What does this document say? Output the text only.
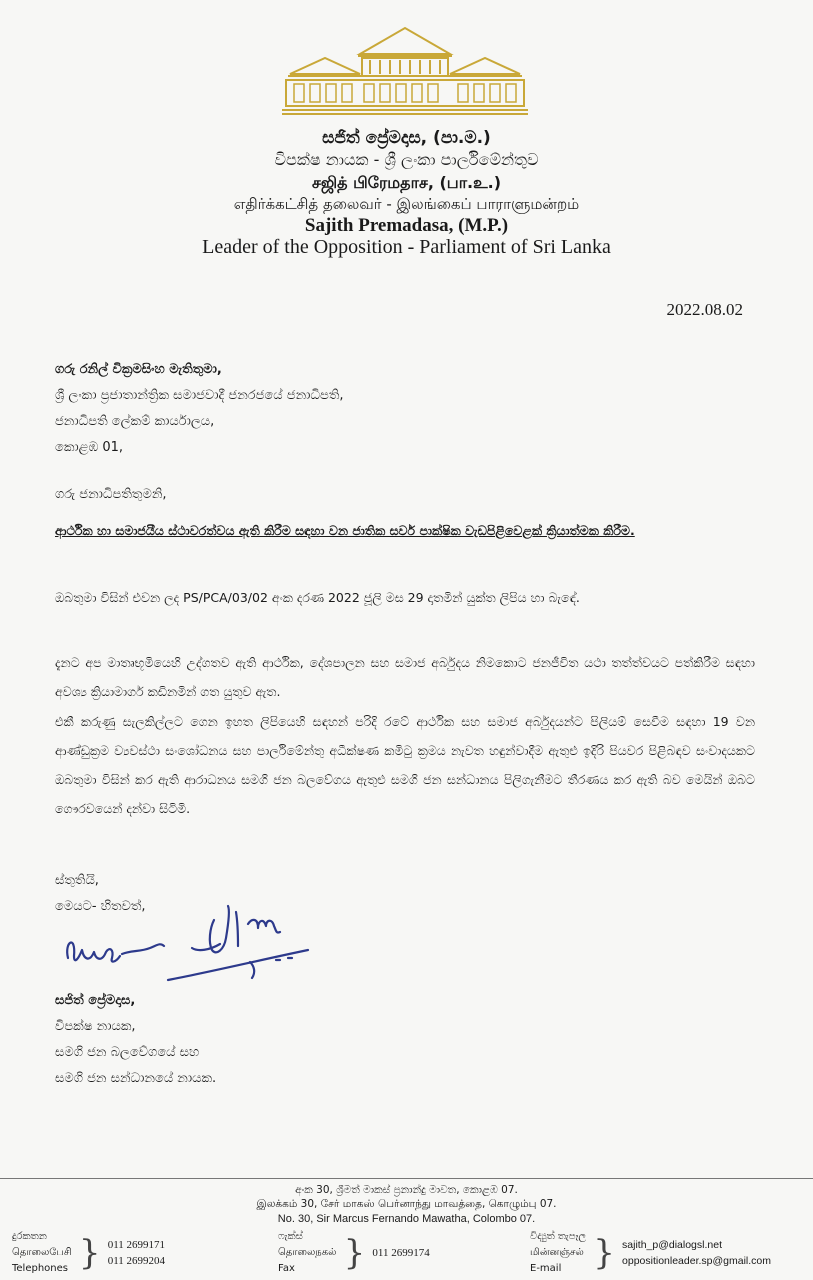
සජිත් ප්‍රේමදාස, (පා.ම.)
විපක්ෂ නායක - ශ්‍රී ලංකා පාර්ලිමේන්තුව
சஜித் பிரேமதாச, (பா.உ.)
எதிர்க்கட்சித் தலைவர் - இலங்கைப் பாராளுமன்றம்
Sajith Premadasa, (M.P.)
Leader of the Opposition - Parliament of Sri Lanka
2022.08.02
ගරු රනිල් වික්‍රමසිංහ මැතිතුමා,
ශ්‍රී ලංකා ප්‍රජාතාන්ත්‍රික සමාජවාදී ජනරජයේ ජනාධිපති,
ජනාධිපති ලේකම් කාර්යාලය,
කොළඹ 01,
ගරු ජනාධිපතිතුමනි,
ආර්ථික හා සමාජයීය ස්ථාවරත්වය ඇති කිරීම සඳහා වන ජාතික සර්ව පාක්ෂික වැඩපිළිවෙළක් ක්‍රියාත්මක කිරීම.
ඔබතුමා විසින් එවන ලද PS/PCA/03/02 අංක දරණ 2022 ජූලි මස 29 දාතමින් යුක්ත ලිපිය හා බැඳේ.
දැනට අප මාතෘභූමියෙහි උද්ගතව ඇති ආර්ථික, දේශපාලන සහ සමාජ අර්බුදය නිමකොට ජනජීවිත යථා තත්ත්වයට පත්කිරීම සඳහා අවශ්‍ය ක්‍රියාමාර්ග කඩිනමින් ගත යුතුව ඇත.
එකී කරුණු සැලකිල්ලට ගෙන ඉහත ලිපියෙහි සඳහන් පරිදි රටේ ආර්ථික සහ සමාජ අර්බුදයන්ට පිලියම් සෙවීම සඳහා 19 වන ආණ්ඩුක්‍රම ව්‍යවස්ථා සංශෝධනය සහ පාර්ලිමේන්තු අධීක්ෂණ කමිටු ක්‍රමය නැවත හඳුන්වාදීම ඇතුළු ඉදිරි පියවර පිළිබඳව සංවාදයකට ඔබතුමා විසින් කර ඇති ආරාධනය සමගි ජන බලවේගය ඇතුළු සමගි ජන සන්ධානය පිලිගැනීමට තීරණය කර ඇති බව මෙයින් ඔබට ගෞරවයෙන් දන්වා සිටිමි.
ස්තුතියි,
මෙයට- හිතවත්,
සජිත් ප්‍රේමදාස,
විපක්ෂ නායක,
සමගි ජන බලවේගයේ සහ
සමගි ජන සන්ධානයේ නායක.
අංක 30, ශ්‍රීමත් මාකස් ප්‍රනාන්දු මාවත, කොළඹ 07.
இலக்கம் 30, சேர் மாகஸ் பெர்னாந்து மாவத்தை, கொழும்பு 07.
No. 30, Sir Marcus Fernando Mawatha, Colombo 07.
දුරකතන
தொலைபேசி
Telephones } 011 2699171
011 2699204
ෆැක්ස්
தொலைநகல்
Fax	} 011 2699174
විද්‍යුත් තැපෑල
மின்னஞ்சல்
E-mail } sajith_p@dialogsl.net
oppositionleader.sp@gmail.com
